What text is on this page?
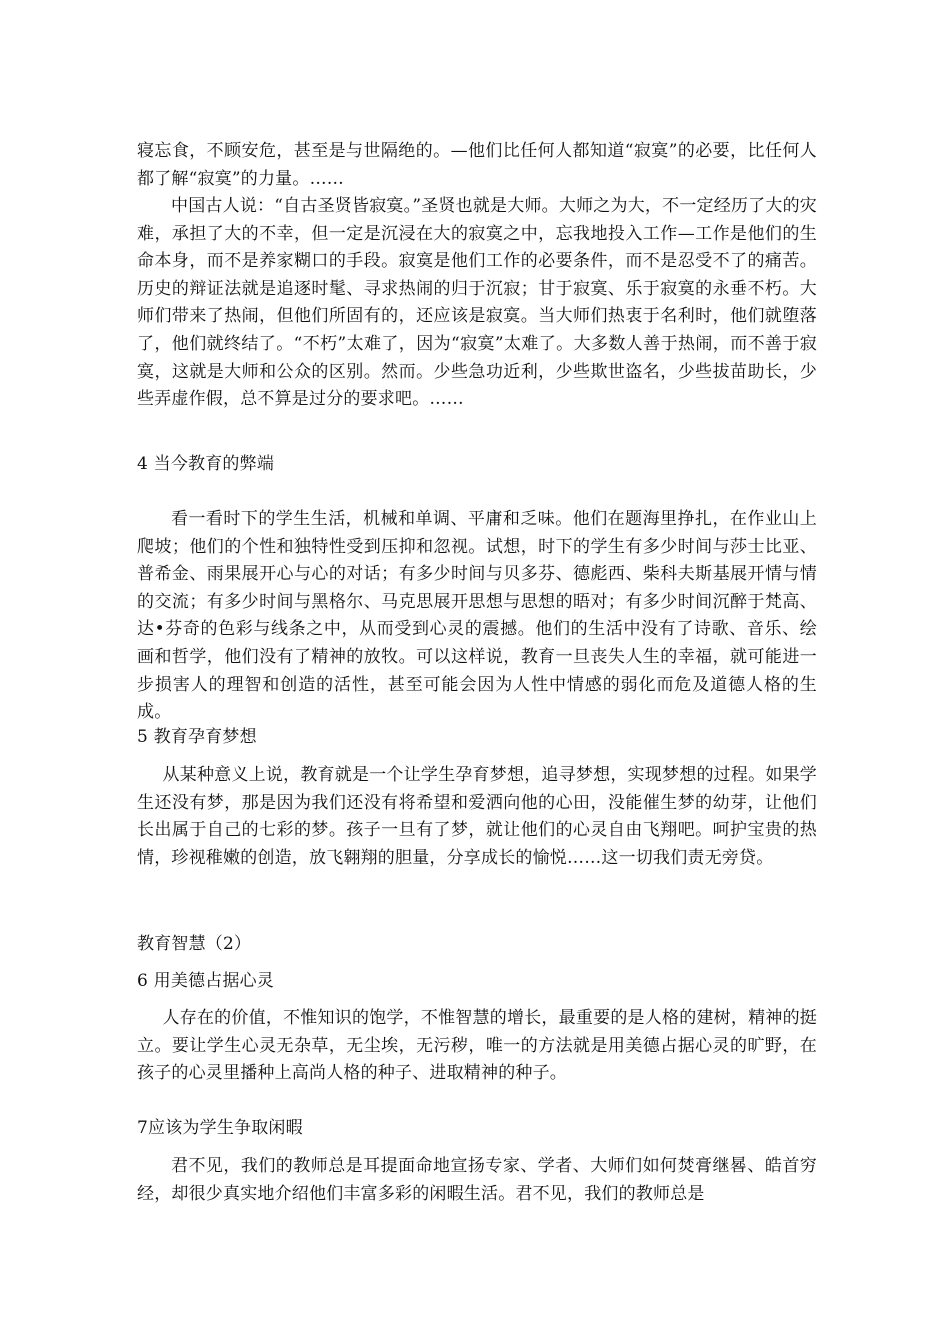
寝忘食，不顾安危，甚至是与世隔绝的。—他们比任何人都知道“寂寞”的必要，比任何人都了解“寂寞”的力量。……

中国古人说：“自古圣贤皆寂寞。”圣贤也就是大师。大师之为大，不一定经历了大的灾难，承担了大的不幸，但一定是沉浸在大的寂寞之中，忘我地投入工作—工作是他们的生命本身，而不是养家糊口的手段。寂寞是他们工作的必要条件，而不是忍受不了的痛苦。历史的辩证法就是追逐时髦、寻求热闹的归于沉寂；甘于寂寞、乐于寂寞的永垂不朽。大师们带来了热闹，但他们所固有的，还应该是寂寞。当大师们热衷于名利时，他们就堕落了，他们就终结了。“不朽”太难了，因为“寂寞”太难了。大多数人善于热闹，而不善于寂寞，这就是大师和公众的区别。然而。少些急功近利，少些欺世盗名，少些拔苗助长，少些弄虚作假，总不算是过分的要求吧。……

4 当今教育的弊端

看一看时下的学生生活，机械和单调、平庸和乏味。他们在题海里挣扎，在作业山上爬坡；他们的个性和独特性受到压抑和忽视。试想，时下的学生有多少时间与莎士比亚、普希金、雨果展开心与心的对话；有多少时间与贝多芬、德彪西、柴科夫斯基展开情与情的交流；有多少时间与黑格尔、马克思展开思想与思想的晤对；有多少时间沉醉于梵高、达•芬奇的色彩与线条之中，从而受到心灵的震撼。他们的生活中没有了诗歌、音乐、绘画和哲学，他们没有了精神的放牧。可以这样说，教育一旦丧失人生的幸福，就可能进一步损害人的理智和创造的活性，甚至可能会因为人性中情感的弱化而危及道德人格的生成。

5 教育孕育梦想

从某种意义上说，教育就是一个让学生孕育梦想，追寻梦想，实现梦想的过程。如果学生还没有梦，那是因为我们还没有将希望和爱洒向他的心田，没能催生梦的幼芽，让他们长出属于自己的七彩的梦。孩子一旦有了梦，就让他们的心灵自由飞翔吧。呵护宝贵的热情，珍视稚嫩的创造，放飞翱翔的胆量，分享成长的愉悦……这一切我们责无旁贷。

教育智慧（2）
6 用美德占据心灵

人存在的价值，不惟知识的饱学，不惟智慧的增长，最重要的是人格的建树，精神的挺立。要让学生心灵无杂草，无尘埃，无污秽，唯一的方法就是用美德占据心灵的旷野，在孩子的心灵里播种上高尚人格的种子、进取精神的种子。

7应该为学生争取闲暇

君不见，我们的教师总是耳提面命地宣扬专家、学者、大师们如何焚膏继晷、皓首穷经，却很少真实地介绍他们丰富多彩的闲暇生活。君不见，我们的教师总是
